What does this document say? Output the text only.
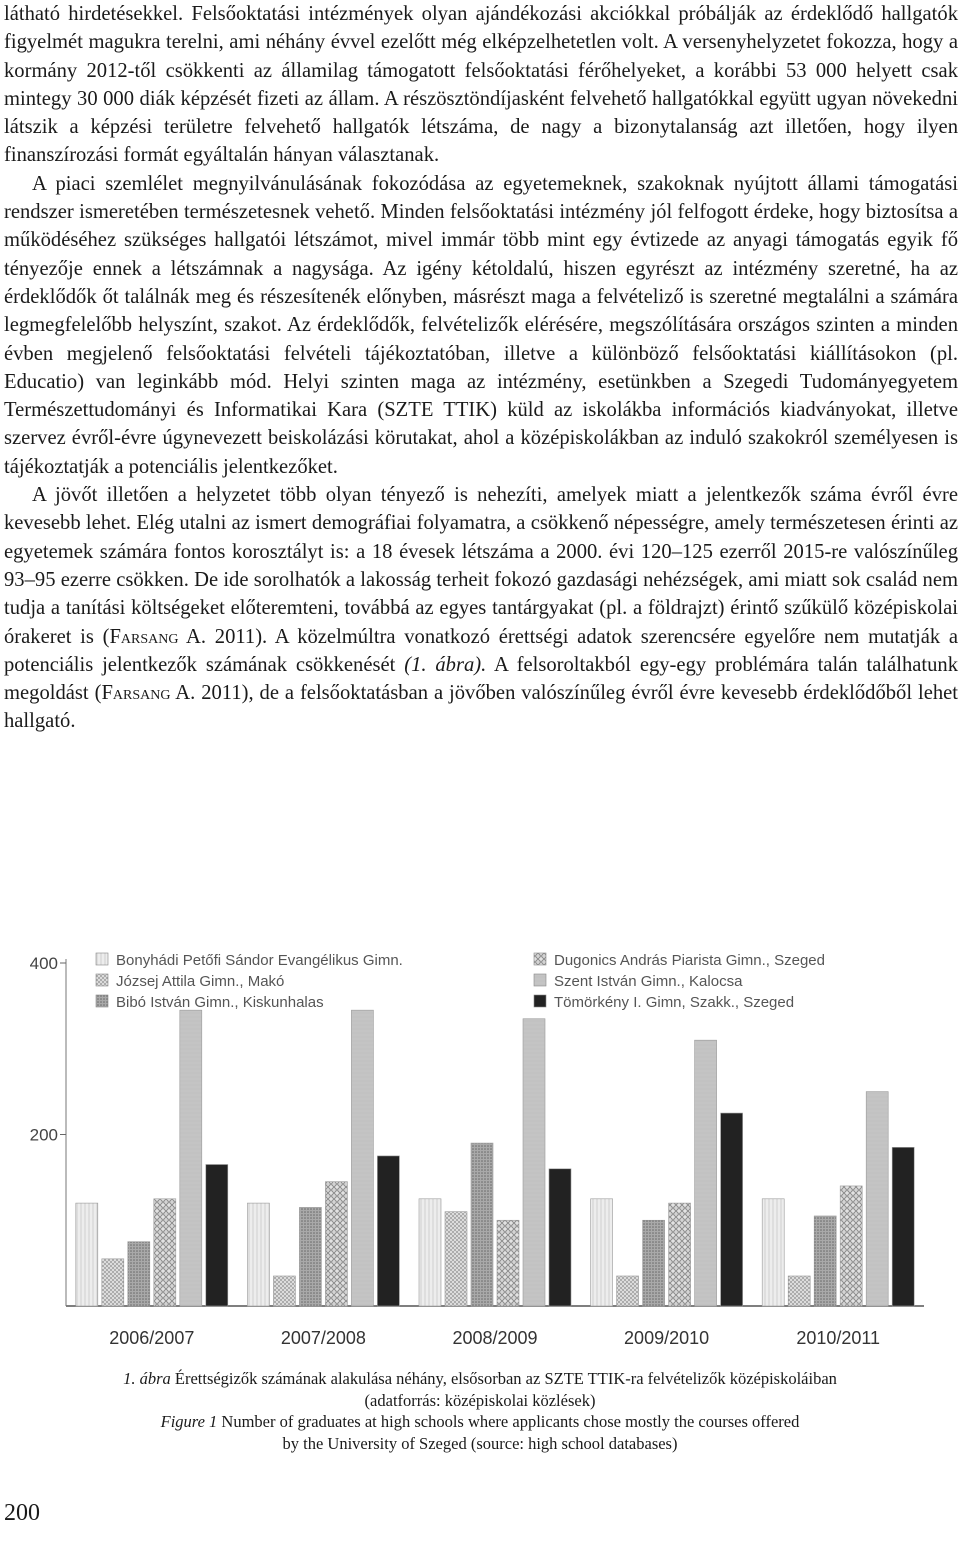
látható hirdetésekkel. Felsőoktatási intézmények olyan ajándékozási akciókkal próbálják az érdeklődő hallgatók figyelmét magukra terelni, ami néhány évvel ezelőtt még elképzelhetetlen volt. A versenyhelyzetet fokozza, hogy a kormány 2012-től csökkenti az államilag támogatott felsőoktatási férőhelyeket, a korábbi 53 000 helyett csak mintegy 30 000 diák képzését fizeti az állam. A részösztöndíjasként felvehető hallgatókkal együtt ugyan növekedni látszik a képzési területre felvehető hallgatók létszáma, de nagy a bizonytalanság azt illetően, hogy ilyen finanszírozási formát egyáltalán hányan választanak.

A piaci szemlélet megnyilvánulásának fokozódása az egyetemeknek, szakoknak nyújtott állami támogatási rendszer ismeretében természetesnek vehető. Minden felsőoktatási intézmény jól felfogott érdeke, hogy biztosítsa a működéséhez szükséges hallgatói létszámot, mivel immár több mint egy évtizede az anyagi támogatás egyik fő tényezője ennek a létszámnak a nagysága. Az igény kétoldalú, hiszen egyrészt az intézmény szeretné, ha az érdeklődők őt találnák meg és részesítenék előnyben, másrészt maga a felvételiző is szeretné megtalálni a számára legmegfelelőbb helyszínt, szakot. Az érdeklődők, felvételizők elérésére, megszólítására országos szinten a minden évben megjelenő felsőoktatási felvételi tájékoztatóban, illetve a különböző felsőoktatási kiállításokon (pl. Educatio) van leginkább mód. Helyi szinten maga az intézmény, esetünkben a Szegedi Tudományegyetem Természettudományi és Informatikai Kara (SZTE TTIK) küld az iskolákba információs kiadványokat, illetve szervez évről-évre úgynevezett beiskolázási körutakat, ahol a középiskolákban az induló szakokról személyesen is tájékoztatják a potenciális jelentkezőket.

A jövőt illetően a helyzetet több olyan tényező is nehezíti, amelyek miatt a jelentkezők száma évről évre kevesebb lehet. Elég utalni az ismert demográfiai folyamatra, a csökkenő népességre, amely természetesen érinti az egyetemek számára fontos korosztályt is: a 18 évesek létszáma a 2000. évi 120–125 ezerről 2015-re valószínűleg 93–95 ezerre csökken. De ide sorolhatók a lakosság terheit fokozó gazdasági nehézségek, ami miatt sok család nem tudja a tanítási költségeket előteremteni, továbbá az egyes tantárgyakat (pl. a földrajzt) érintő szűkülő középiskolai órakeret is (Farsang A. 2011). A közelmúltra vonatkozó érettségi adatok szerencsére egyelőre nem mutatják a potenciális jelentkezők számának csökkenését (1. ábra). A felsoroltakból egy-egy problémára talán találhatunk megoldást (Farsang A. 2011), de a felsőoktatásban a jövőben valószínűleg évről évre kevesebb érdeklődőből lehet hallgató.

200
400
2006/2007	2007/2008	2008/2009	2009/2010	2010/2011
Bonyhádi Petőfi Sándor Evangélikus Gimn.
Józsej Attila Gimn., Makó
Bibó István Gimn., Kiskunhalas
Dugonics András Piarista Gimn., Szeged
Szent István Gimn., Kalocsa
Tömörkény I. Gimn, Szakk., Szeged
1. ábra Érettségizők számának alakulása néhány, elsősorban az SZTE TTIK-ra felvételizők középiskoláiban
(adatforrás: középiskolai közlések)
Figure 1 Number of graduates at high schools where applicants chose mostly the courses offered
by the University of Szeged (source: high school databases)
200
